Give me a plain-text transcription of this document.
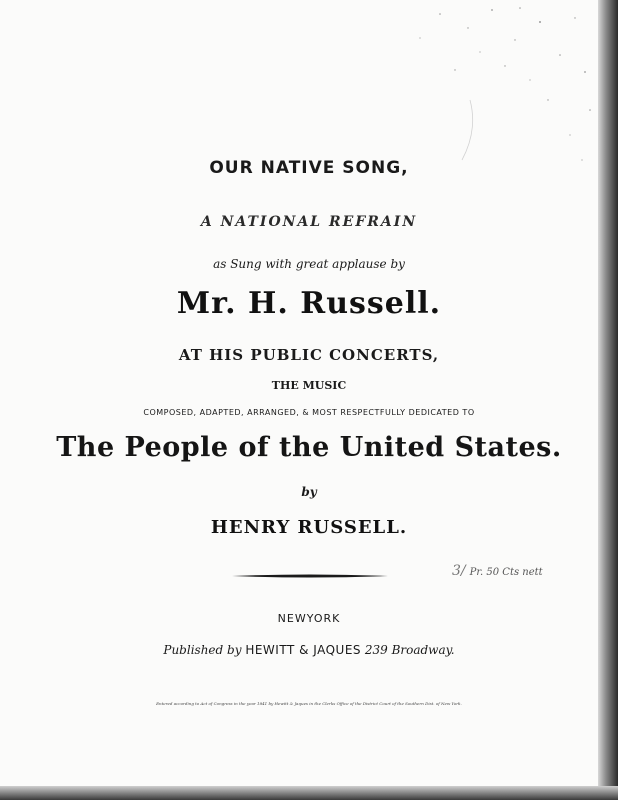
OUR NATIVE SONG,
A NATIONAL REFRAIN
as Sung with great applause by
Mr. H. Russell.
AT HIS PUBLIC CONCERTS,
THE MUSIC
COMPOSED, ADAPTED, ARRANGED, & MOST RESPECTFULLY DEDICATED TO
The People of the United States.
by
HENRY RUSSELL.
3/ Pr. 50 Cts nett
NEWYORK
Published by HEWITT & JAQUES 239 Broadway.
Entered according to Act of Congress in the year 1841 by Hewitt & Jaques in the Clerks Office of the District Court of the Southern Dist. of New York.
